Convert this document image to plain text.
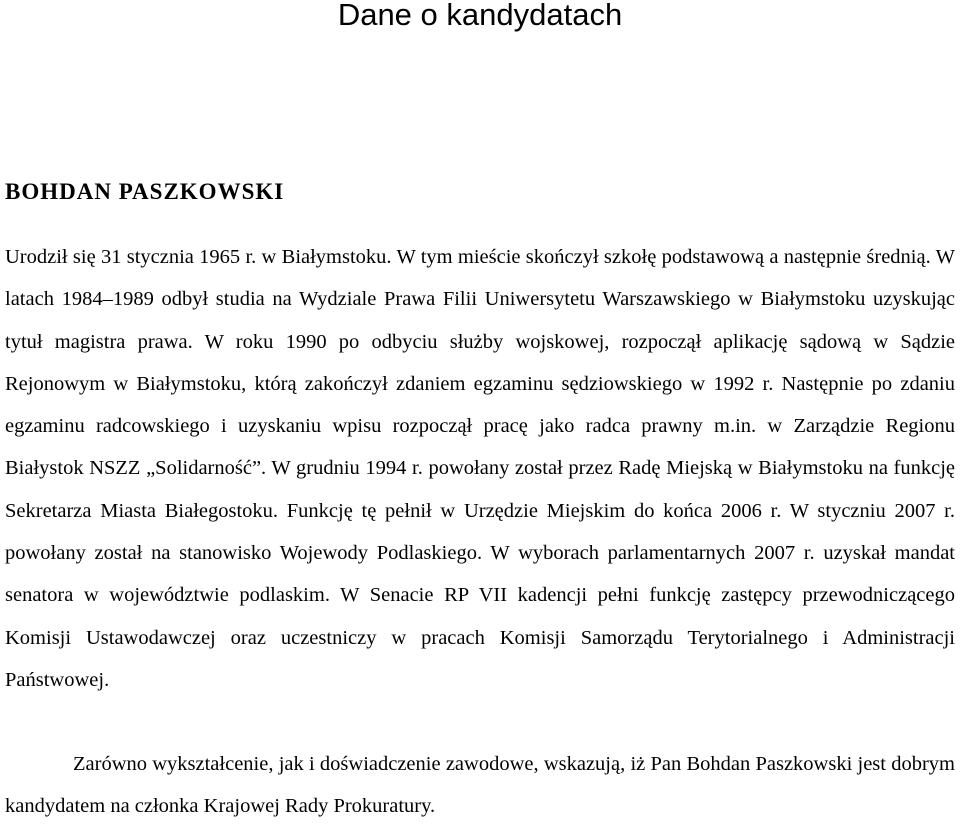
Dane o kandydatach
BOHDAN PASZKOWSKI

Urodził się 31 stycznia 1965 r. w Białymstoku. W tym mieście skończył szkołę podstawową a następnie średnią. W latach 1984–1989 odbył studia na Wydziale Prawa Filii Uniwersytetu Warszawskiego w Białymstoku uzyskując tytuł magistra prawa. W roku 1990 po odbyciu służby wojskowej, rozpoczął aplikację sądową w Sądzie Rejonowym w Białymstoku, którą zakończył zdaniem egzaminu sędziowskiego w 1992 r. Następnie po zdaniu egzaminu radcowskiego i uzyskaniu wpisu rozpoczął pracę jako radca prawny m.in. w Zarządzie Regionu Białystok NSZZ „Solidarność”. W grudniu 1994 r. powołany został przez Radę Miejską w Białymstoku na funkcję Sekretarza Miasta Białegostoku. Funkcję tę pełnił w Urzędzie Miejskim do końca 2006 r. W styczniu 2007 r. powołany został na stanowisko Wojewody Podlaskiego. W wyborach parlamentarnych 2007 r. uzyskał mandat senatora w województwie podlaskim. W Senacie RP VII kadencji pełni funkcję zastępcy przewodniczącego Komisji Ustawodawczej oraz uczestniczy w pracach Komisji Samorządu Terytorialnego i Administracji Państwowej.

Zarówno wykształcenie, jak i doświadczenie zawodowe, wskazują, iż Pan Bohdan Paszkowski jest dobrym kandydatem na członka Krajowej Rady Prokuratury.
